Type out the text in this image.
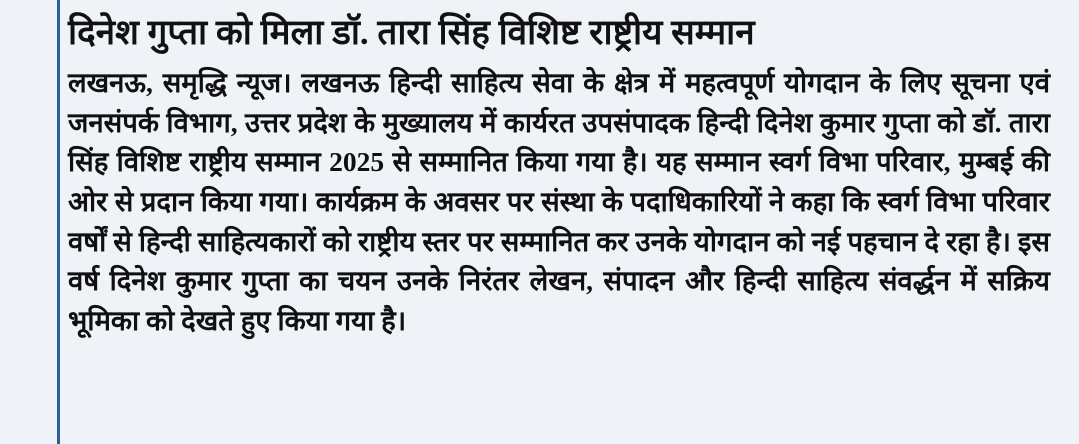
दिनेश गुप्ता को मिला डॉ. तारा सिंह विशिष्ट राष्ट्रीय सम्मान

लखनऊ, समृद्धि न्यूज। लखनऊ हिन्दी साहित्य सेवा के क्षेत्र में महत्वपूर्ण योगदान के लिए सूचना एवं जनसंपर्क विभाग, उत्तर प्रदेश के मुख्यालय में कार्यरत उपसंपादक हिन्दी दिनेश कुमार गुप्ता को डॉ. तारा सिंह विशिष्ट राष्ट्रीय सम्मान 2025 से सम्मानित किया गया है। यह सम्मान स्वर्ग विभा परिवार, मुम्बई की ओर से प्रदान किया गया। कार्यक्रम के अवसर पर संस्था के पदाधिकारियों ने कहा कि स्वर्ग विभा परिवार वर्षों से हिन्दी साहित्यकारों को राष्ट्रीय स्तर पर सम्मानित कर उनके योगदान को नई पहचान दे रहा है। इस वर्ष दिनेश कुमार गुप्ता का चयन उनके निरंतर लेखन, संपादन और हिन्दी साहित्य संवर्द्धन में सक्रिय भूमिका को देखते हुए किया गया है।
